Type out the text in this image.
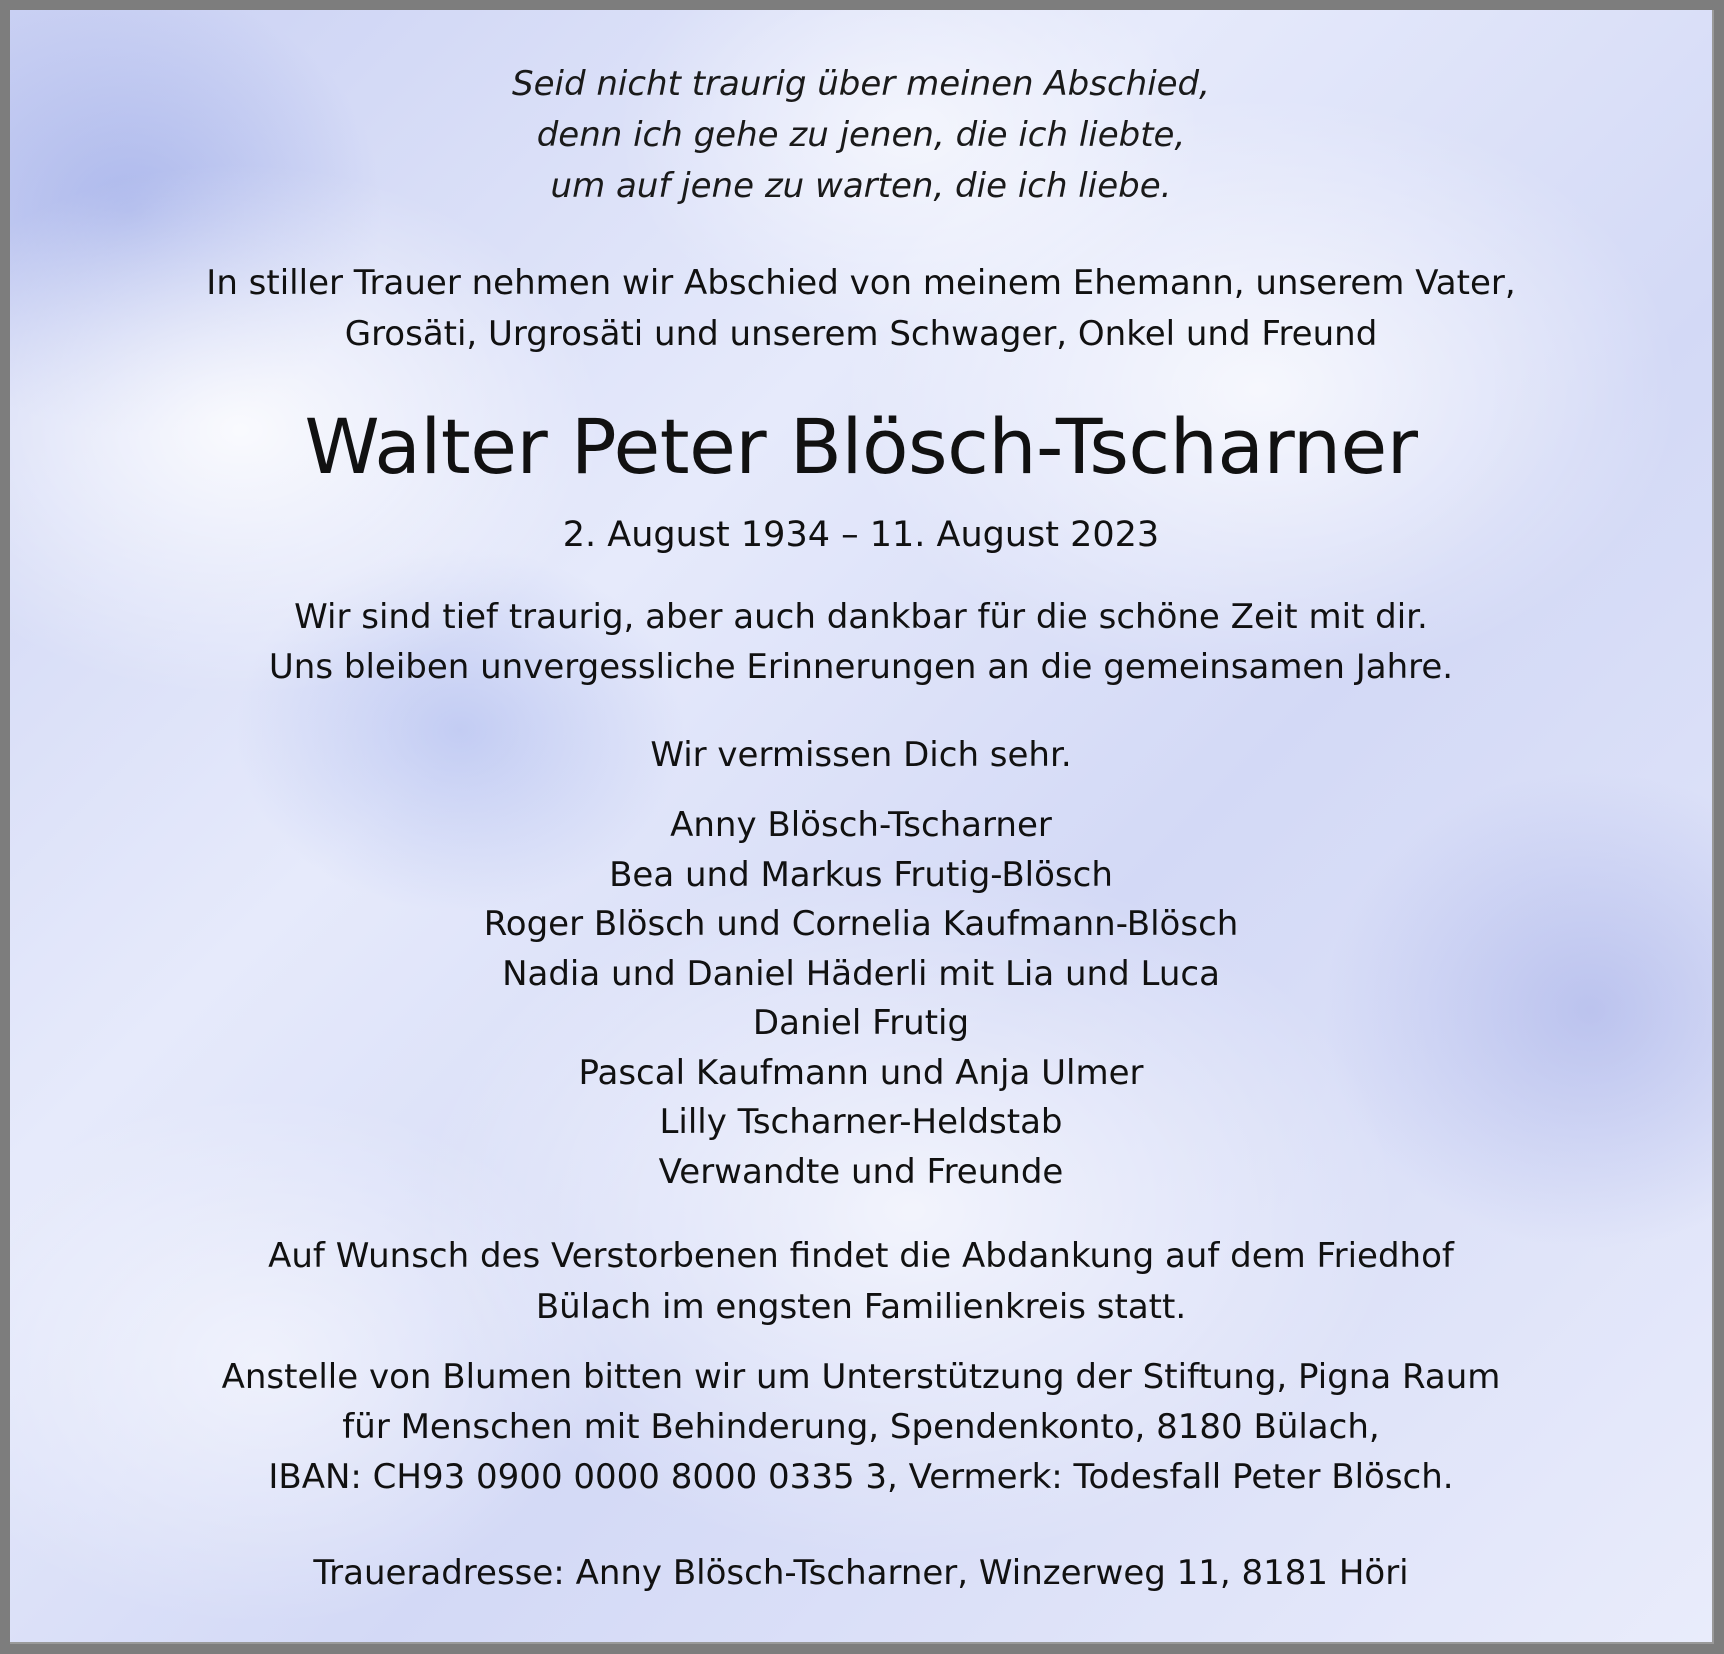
Seid nicht traurig über meinen Abschied,
denn ich gehe zu jenen, die ich liebte,
um auf jene zu warten, die ich liebe.
In stiller Trauer nehmen wir Abschied von meinem Ehemann, unserem Vater,
Grosäti, Urgrosäti und unserem Schwager, Onkel und Freund
Walter Peter Blösch-Tscharner
2. August 1934 – 11. August 2023
Wir sind tief traurig, aber auch dankbar für die schöne Zeit mit dir.
Uns bleiben unvergessliche Erinnerungen an die gemeinsamen Jahre.
Wir vermissen Dich sehr.
Anny Blösch-Tscharner
Bea und Markus Frutig-Blösch
Roger Blösch und Cornelia Kaufmann-Blösch
Nadia und Daniel Häderli mit Lia und Luca
Daniel Frutig
Pascal Kaufmann und Anja Ulmer
Lilly Tscharner-Heldstab
Verwandte und Freunde
Auf Wunsch des Verstorbenen findet die Abdankung auf dem Friedhof
Bülach im engsten Familienkreis statt.
Anstelle von Blumen bitten wir um Unterstützung der Stiftung, Pigna Raum
für Menschen mit Behinderung, Spendenkonto, 8180 Bülach,
IBAN: CH93 0900 0000 8000 0335 3, Vermerk: Todesfall Peter Blösch.
Traueradresse: Anny Blösch-Tscharner, Winzerweg 11, 8181 Höri
